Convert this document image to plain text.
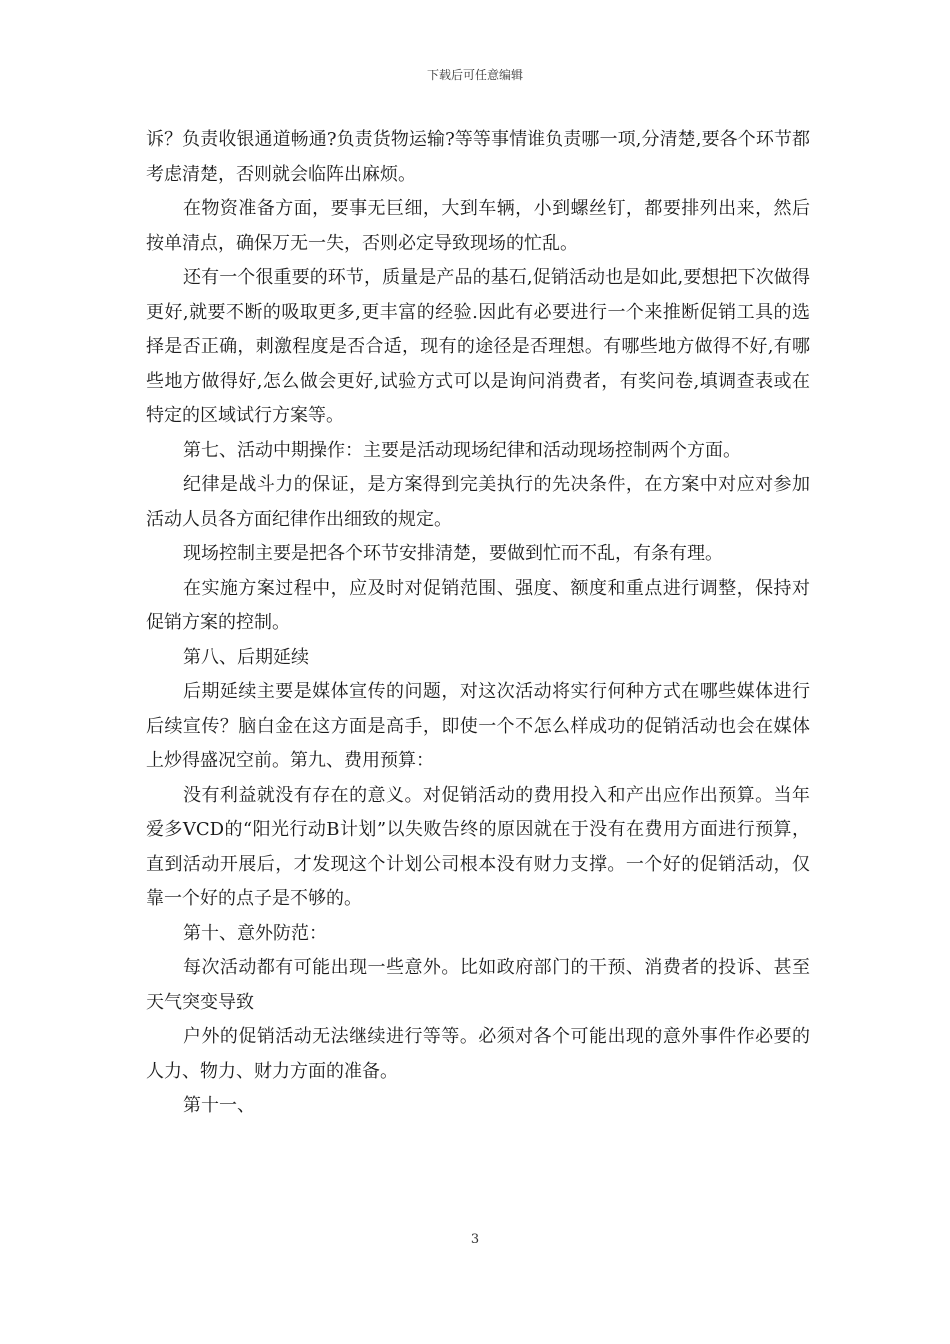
下载后可任意编辑

诉？负责收银通道畅通?负责货物运输?等等事情谁负责哪一项,分清楚,要各个环节都考虑清楚，否则就会临阵出麻烦。

在物资准备方面，要事无巨细，大到车辆，小到螺丝钉，都要排列出来，然后按单清点，确保万无一失，否则必定导致现场的忙乱。

还有一个很重要的环节，质量是产品的基石,促销活动也是如此,要想把下次做得更好,就要不断的吸取更多,更丰富的经验.因此有必要进行一个来推断促销工具的选择是否正确，刺激程度是否合适，现有的途径是否理想。有哪些地方做得不好,有哪些地方做得好,怎么做会更好,试验方式可以是询问消费者，有奖问卷,填调查表或在特定的区域试行方案等。

第七、活动中期操作：主要是活动现场纪律和活动现场控制两个方面。

纪律是战斗力的保证，是方案得到完美执行的先决条件，在方案中对应对参加活动人员各方面纪律作出细致的规定。

现场控制主要是把各个环节安排清楚，要做到忙而不乱，有条有理。

在实施方案过程中，应及时对促销范围、强度、额度和重点进行调整，保持对促销方案的控制。

第八、后期延续

后期延续主要是媒体宣传的问题，对这次活动将实行何种方式在哪些媒体进行后续宣传？脑白金在这方面是高手，即使一个不怎么样成功的促销活动也会在媒体上炒得盛况空前。第九、费用预算：

没有利益就没有存在的意义。对促销活动的费用投入和产出应作出预算。当年爱多VCD的“阳光行动B计划”以失败告终的原因就在于没有在费用方面进行预算，直到活动开展后，才发现这个计划公司根本没有财力支撑。一个好的促销活动，仅靠一个好的点子是不够的。

第十、意外防范：

每次活动都有可能出现一些意外。比如政府部门的干预、消费者的投诉、甚至天气突变导致

户外的促销活动无法继续进行等等。必须对各个可能出现的意外事件作必要的人力、物力、财力方面的准备。

第十一、

3
